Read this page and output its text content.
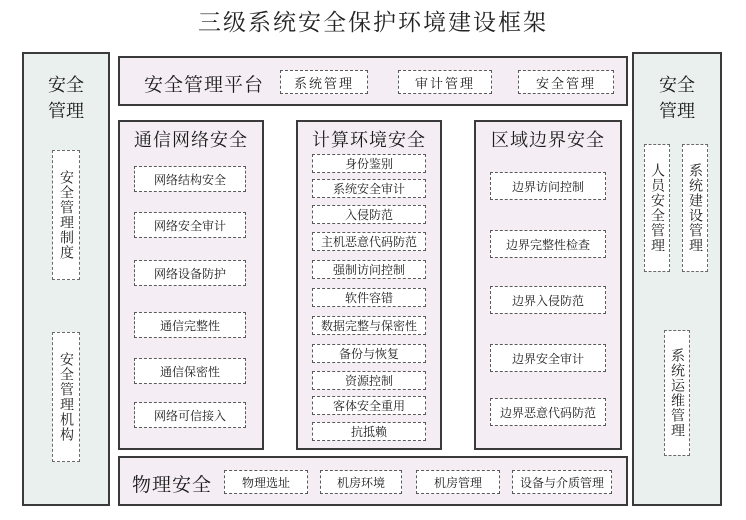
三级系统安全保护环境建设框架
安全
管理
安全管理制度
安全管理机构
安全
管理
人员安全管理	系统建设管理
系统运维管理
安全管理平台	系统管理	审计管理	安全管理
通信网络安全
网络结构安全
网络安全审计
网络设备防护
通信完整性
通信保密性
网络可信接入
计算环境安全
身份鉴别
系统安全审计
入侵防范
主机恶意代码防范
强制访问控制
软件容错
数据完整与保密性
备份与恢复
资源控制
客体安全重用
抗抵赖
区域边界安全
边界访问控制
边界完整性检查
边界入侵防范
边界安全审计
边界恶意代码防范
物理安全	物理选址	机房环境	机房管理	设备与介质管理
